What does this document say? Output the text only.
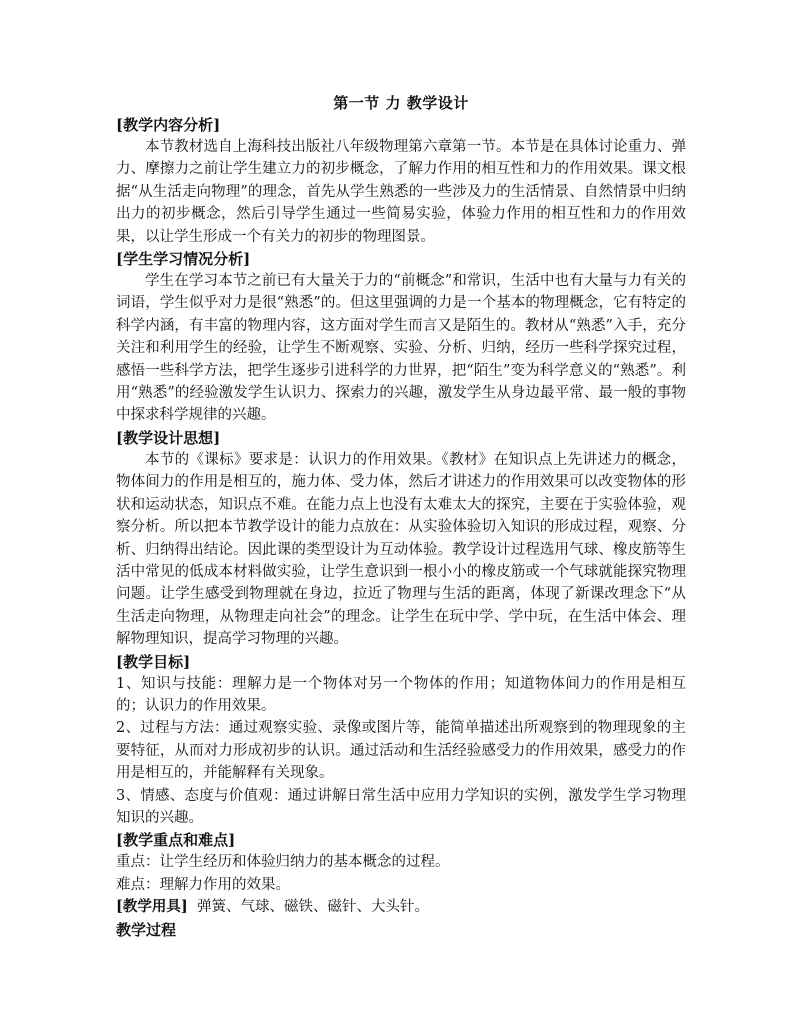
第一节 力 教学设计

[教学内容分析]

本节教材选自上海科技出版社八年级物理第六章第一节。本节是在具体讨论重力、弹力、摩擦力之前让学生建立力的初步概念，了解力作用的相互性和力的作用效果。课文根据“从生活走向物理”的理念，首先从学生熟悉的一些涉及力的生活情景、自然情景中归纳出力的初步概念，然后引导学生通过一些简易实验，体验力作用的相互性和力的作用效果，以让学生形成一个有关力的初步的物理图景。

[学生学习情况分析]

学生在学习本节之前已有大量关于力的“前概念”和常识，生活中也有大量与力有关的词语，学生似乎对力是很“熟悉”的。但这里强调的力是一个基本的物理概念，它有特定的科学内涵，有丰富的物理内容，这方面对学生而言又是陌生的。教材从“熟悉”入手，充分关注和利用学生的经验，让学生不断观察、实验、分析、归纳，经历一些科学探究过程，感悟一些科学方法，把学生逐步引进科学的力世界，把“陌生”变为科学意义的“熟悉”。利用“熟悉”的经验激发学生认识力、探索力的兴趣，激发学生从身边最平常、最一般的事物中探求科学规律的兴趣。

[教学设计思想]

本节的《课标》要求是：认识力的作用效果。《教材》在知识点上先讲述力的概念，物体间力的作用是相互的，施力体、受力体，然后才讲述力的作用效果可以改变物体的形状和运动状态，知识点不难。在能力点上也没有太难太大的探究，主要在于实验体验，观察分析。所以把本节教学设计的能力点放在：从实验体验切入知识的形成过程，观察、分析、归纳得出结论。因此课的类型设计为互动体验。教学设计过程选用气球、橡皮筋等生活中常见的低成本材料做实验，让学生意识到一根小小的橡皮筋或一个气球就能探究物理问题。让学生感受到物理就在身边，拉近了物理与生活的距离，体现了新课改理念下“从生活走向物理，从物理走向社会”的理念。让学生在玩中学、学中玩，在生活中体会、理解物理知识，提高学习物理的兴趣。

[教学目标]

1、知识与技能：理解力是一个物体对另一个物体的作用；知道物体间力的作用是相互的；认识力的作用效果。

2、过程与方法：通过观察实验、录像或图片等，能简单描述出所观察到的物理现象的主要特征，从而对力形成初步的认识。通过活动和生活经验感受力的作用效果，感受力的作用是相互的，并能解释有关现象。

3、情感、态度与价值观：通过讲解日常生活中应用力学知识的实例，激发学生学习物理知识的兴趣。

[教学重点和难点]

重点：让学生经历和体验归纳力的基本概念的过程。

难点：理解力作用的效果。

[教学用具] 弹簧、气球、磁铁、磁针、大头针。

教学过程
